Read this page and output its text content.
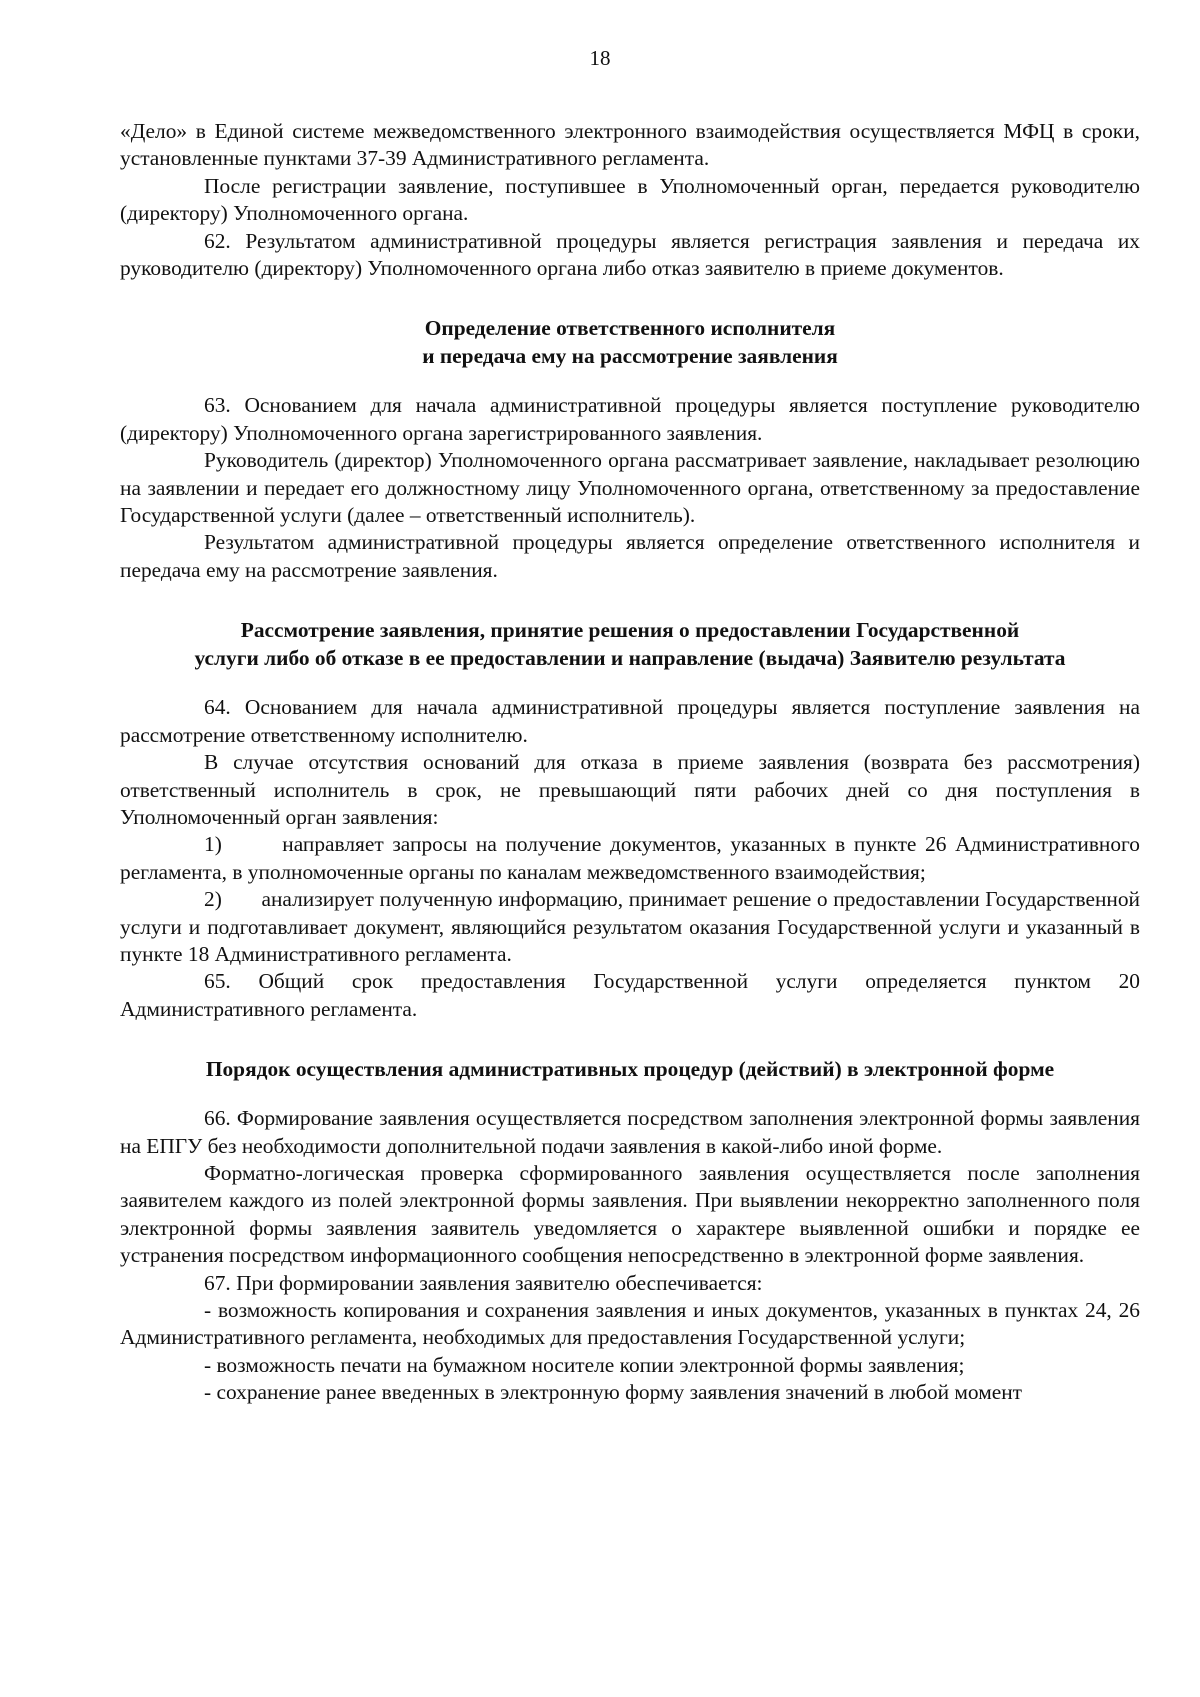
18

«Дело» в Единой системе межведомственного электронного взаимодействия осуществляется МФЦ в сроки, установленные пунктами 37-39 Административного регламента.

После регистрации заявление, поступившее в Уполномоченный орган, передается руководителю (директору) Уполномоченного органа.

62. Результатом административной процедуры является регистрация заявления и передача их руководителю (директору) Уполномоченного органа либо отказ заявителю в приеме документов.

Определение ответственного исполнителя

и передача ему на рассмотрение заявления

63. Основанием для начала административной процедуры является поступление руководителю (директору) Уполномоченного органа зарегистрированного заявления.

Руководитель (директор) Уполномоченного органа рассматривает заявление, накладывает резолюцию на заявлении и передает его должностному лицу Уполномоченного органа, ответственному за предоставление Государственной услуги (далее – ответственный исполнитель).

Результатом административной процедуры является определение ответственного исполнителя и передача ему на рассмотрение заявления.

Рассмотрение заявления, принятие решения о предоставлении Государственной

услуги либо об отказе в ее предоставлении и направление (выдача) Заявителю результата

64. Основанием для начала административной процедуры является поступление заявления на рассмотрение ответственному исполнителю.

В случае отсутствия оснований для отказа в приеме заявления (возврата без рассмотрения) ответственный исполнитель в срок, не превышающий пяти рабочих дней со дня поступления в Уполномоченный орган заявления:

1)       направляет запросы на получение документов, указанных в пункте 26 Административного регламента, в уполномоченные органы по каналам межведомственного взаимодействия;

2)       анализирует полученную информацию, принимает решение о предоставлении Государственной услуги и подготавливает документ, являющийся результатом оказания Государственной услуги и указанный в пункте 18 Административного регламента.

65. Общий срок предоставления Государственной услуги определяется пунктом 20 Административного регламента.

Порядок осуществления административных процедур (действий) в электронной форме

66. Формирование заявления осуществляется посредством заполнения электронной формы заявления на ЕПГУ без необходимости дополнительной подачи заявления в какой-либо иной форме.

Форматно-логическая проверка сформированного заявления осуществляется после заполнения заявителем каждого из полей электронной формы заявления. При выявлении некорректно заполненного поля электронной формы заявления заявитель уведомляется о характере выявленной ошибки и порядке ее устранения посредством информационного сообщения непосредственно в электронной форме заявления.

67. При формировании заявления заявителю обеспечивается:

- возможность копирования и сохранения заявления и иных документов, указанных в пунктах 24, 26 Административного регламента, необходимых для предоставления Государственной услуги;

- возможность печати на бумажном носителе копии электронной формы заявления;

- сохранение ранее введенных в электронную форму заявления значений в любой момент
